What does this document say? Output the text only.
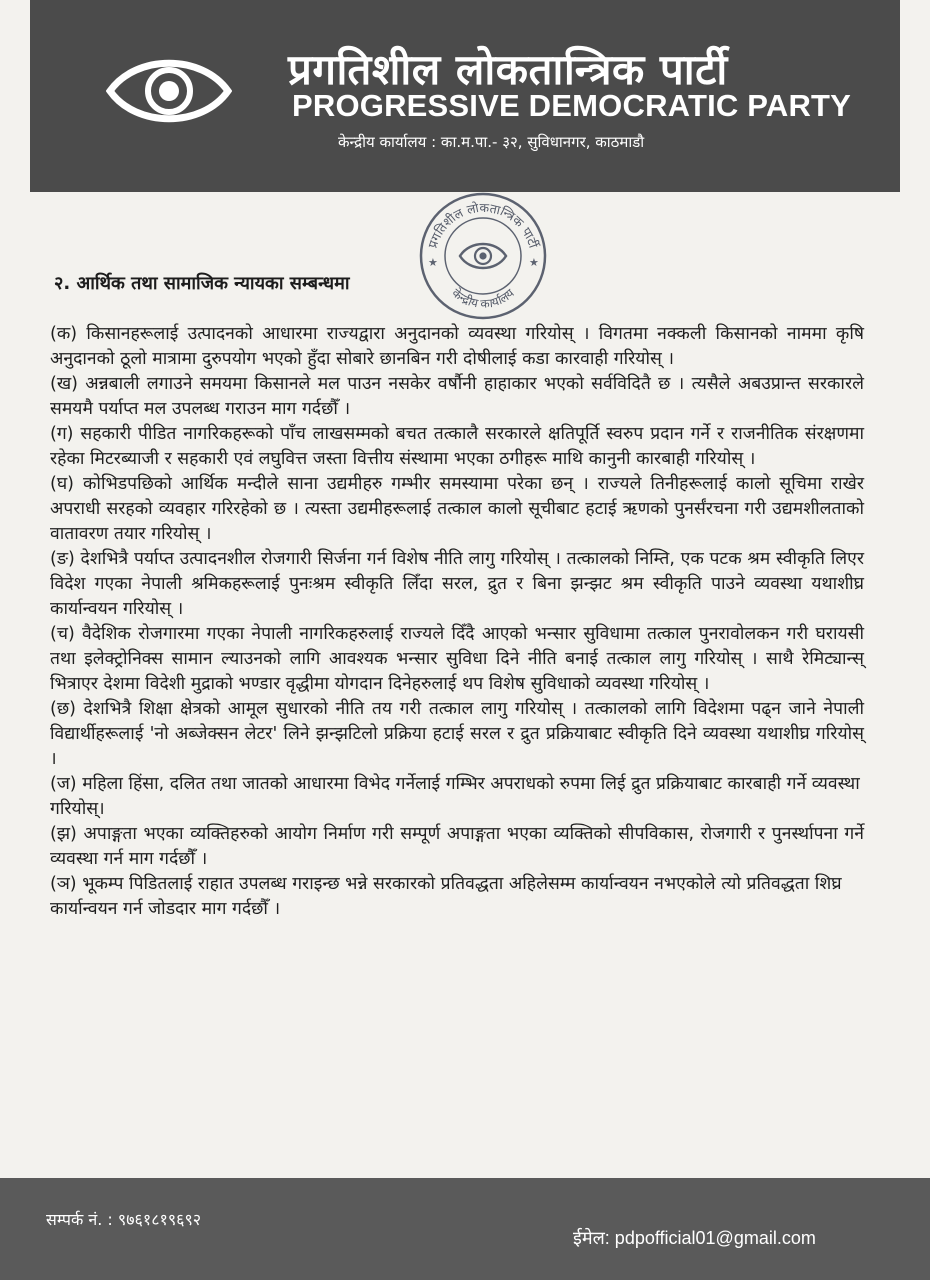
प्रगतिशील लोकतान्त्रिक पार्टी
PROGRESSIVE DEMOCRATIC PARTY
केन्द्रीय कार्यालय : का.म.पा.- ३२, सुविधानगर, काठमाडौ
प्रगतिशील लोकतान्त्रिक पार्टी
केन्द्रीय कार्यालय
★	★
२. आर्थिक तथा सामाजिक न्यायका सम्बन्धमा

(क) किसानहरूलाई उत्पादनको आधारमा राज्यद्वारा अनुदानको व्यवस्था गरियोस् । विगतमा नक्कली किसानको नाममा कृषि अनुदानको ठूलो मात्रामा दुरुपयोग भएको हुँदा सोबारे छानबिन गरी दोषीलाई कडा कारवाही गरियोस् ।

(ख) अन्नबाली लगाउने समयमा किसानले मल पाउन नसकेर वर्षौनी हाहाकार भएको सर्वविदितै छ । त्यसैले अबउप्रान्त सरकारले समयमै पर्याप्त मल उपलब्ध गराउन माग गर्दछौँ ।

(ग) सहकारी पीडित नागरिकहरूको पाँच लाखसम्मको बचत तत्कालै सरकारले क्षतिपूर्ति स्वरुप प्रदान गर्ने र राजनीतिक संरक्षणमा रहेका मिटरब्याजी र सहकारी एवं लघुवित्त जस्ता वित्तीय संस्थामा भएका ठगीहरू माथि कानुनी कारबाही गरियोस् ।

(घ) कोभिडपछिको आर्थिक मन्दीले साना उद्यमीहरु गम्भीर समस्यामा परेका छन् । राज्यले तिनीहरूलाई कालो सूचिमा राखेर अपराधी सरहको व्यवहार गरिरहेको छ । त्यस्ता उद्यमीहरूलाई तत्काल कालो सूचीबाट हटाई ऋणको पुनर्संरचना गरी उद्यमशीलताको वातावरण तयार गरियोस् ।

(ङ) देशभित्रै पर्याप्त उत्पादनशील रोजगारी सिर्जना गर्न विशेष नीति लागु गरियोस् । तत्कालको निम्ति, एक पटक श्रम स्वीकृति लिएर विदेश गएका नेपाली श्रमिकहरूलाई पुनःश्रम स्वीकृति लिँदा सरल, द्रुत र बिना झन्झट श्रम स्वीकृति पाउने व्यवस्था यथाशीघ्र कार्यान्वयन गरियोस् ।

(च) वैदेशिक रोजगारमा गएका नेपाली नागरिकहरुलाई राज्यले दिँदै आएको भन्सार सुविधामा तत्काल पुनरावोलकन गरी घरायसी तथा इलेक्ट्रोनिक्स सामान ल्याउनको लागि आवश्यक भन्सार सुविधा दिने नीति बनाई तत्काल लागु गरियोस् । साथै रेमिट्यान्स् भित्राएर देशमा विदेशी मुद्राको भण्डार वृद्धीमा योगदान दिनेहरुलाई थप विशेष सुविधाको व्यवस्था गरियोस् ।

(छ) देशभित्रै शिक्षा क्षेत्रको आमूल सुधारको नीति तय गरी तत्काल लागु गरियोस् । तत्कालको लागि विदेशमा पढ्न जाने नेपाली विद्यार्थीहरूलाई 'नो अब्जेक्सन लेटर' लिने झन्झटिलो प्रक्रिया हटाई सरल र द्रुत प्रक्रियाबाट स्वीकृति दिने व्यवस्था यथाशीघ्र गरियोस् ।

(ज) महिला हिंसा, दलित तथा जातको आधारमा विभेद गर्नेलाई गम्भिर अपराधको रुपमा लिई द्रुत प्रक्रियाबाट कारबाही गर्ने व्यवस्था गरियोस्।

(झ) अपाङ्गता भएका व्यक्तिहरुको आयोग निर्माण गरी सम्पूर्ण अपाङ्गता भएका व्यक्तिको सीपविकास, रोजगारी र पुनर्स्थापना गर्ने व्यवस्था गर्न माग गर्दछौँ ।

(ञ) भूकम्प पिडितलाई राहात उपलब्ध गराइन्छ भन्ने सरकारको प्रतिवद्धता अहिलेसम्म कार्यान्वयन नभएकोले त्यो प्रतिवद्धता शिघ्र कार्यान्वयन गर्न जोडदार माग गर्दछौँ ।

सम्पर्क नं. : ९७६१८१९६९२
ईमेल: pdpofficial01@gmail.com
